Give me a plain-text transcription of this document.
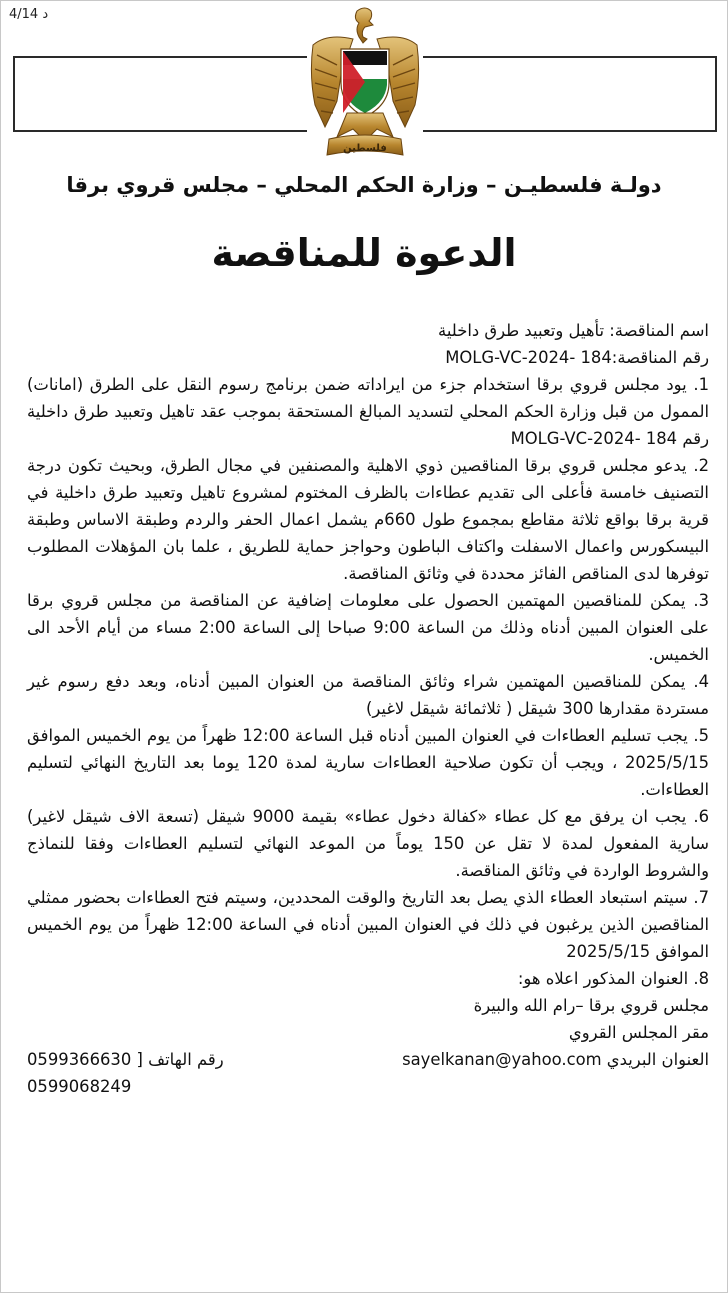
د 4/14
فلسطين
دولـة فلسطيـن – وزارة الحكم المحلي – مجلس قروي برقا
الدعوة للمناقصة
اسم المناقصة: تأهيل وتعبيد طرق داخلية
رقم المناقصة:184 -MOLG-VC-2024

1. يود مجلس قروي برقا استخدام جزء من ايراداته ضمن برنامج رسوم النقل على الطرق (امانات) الممول من قبل وزارة الحكم المحلي لتسديد المبالغ المستحقة بموجب عقد تاهيل وتعبيد طرق داخلية رقم 184 -MOLG-VC-2024

2. يدعو مجلس قروي برقا المناقصين ذوي الاهلية والمصنفين في مجال الطرق، وبحيث تكون درجة التصنيف خامسة فأعلى الى تقديم عطاءات بالظرف المختوم لمشروع تاهيل وتعبيد طرق داخلية في قرية برقا بواقع ثلاثة مقاطع بمجموع طول 660م يشمل اعمال الحفر والردم وطبقة الاساس وطبقة البيسكورس واعمال الاسفلت واكتاف الباطون وحواجز حماية للطريق ، علما بان المؤهلات المطلوب توفرها لدى المناقص الفائز محددة في وثائق المناقصة.

3. يمكن للمناقصين المهتمين الحصول على معلومات إضافية عن المناقصة من مجلس قروي برقا على العنوان المبين أدناه وذلك من الساعة 9:00 صباحا إلى الساعة 2:00 مساء من أيام الأحد الى الخميس.

4. يمكن للمناقصين المهتمين شراء وثائق المناقصة من العنوان المبين أدناه، وبعد دفع رسوم غير مستردة مقدارها 300 شيقل ( ثلاثمائة شيقل لاغير)

5. يجب تسليم العطاءات في العنوان المبين أدناه قبل الساعة 12:00 ظهراً من يوم الخميس الموافق 2025/5/15 ، ويجب أن تكون صلاحية العطاءات سارية لمدة 120 يوما بعد التاريخ النهائي لتسليم العطاءات.

6. يجب ان يرفق مع كل عطاء «كفالة دخول عطاء» بقيمة 9000 شيقل (تسعة الاف شيقل لاغير) سارية المفعول لمدة لا تقل عن 150 يوماً من الموعد النهائي لتسليم العطاءات وفقا للنماذج والشروط الواردة في وثائق المناقصة.

7. سيتم استبعاد العطاء الذي يصل بعد التاريخ والوقت المحددين، وسيتم فتح العطاءات بحضور ممثلي المناقصين الذين يرغبون في ذلك في العنوان المبين أدناه في الساعة 12:00 ظهراً من يوم الخميس الموافق 2025/5/15

8. العنوان المذكور اعلاه هو:

مجلس قروي برقا –رام الله والبيرة
مقر المجلس القروي
العنوان البريدي sayelkanan@yahoo.com
رقم الهاتف [ 0599366630
0599068249
